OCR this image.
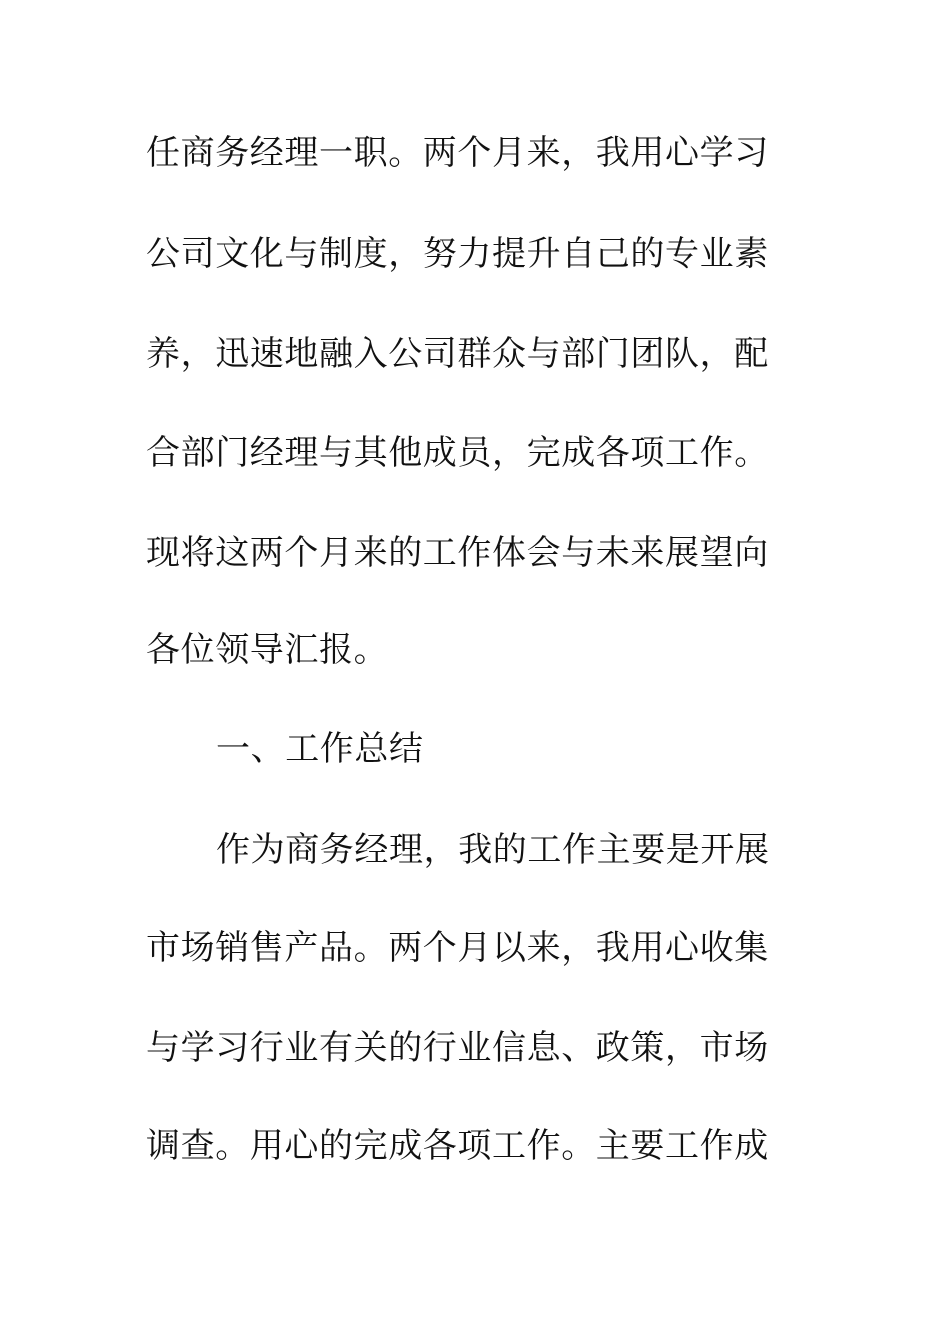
任商务经理一职。两个月来，我用心学习
公司文化与制度，努力提升自己的专业素
养，迅速地融入公司群众与部门团队，配
合部门经理与其他成员，完成各项工作。
现将这两个月来的工作体会与未来展望向
各位领导汇报。
一、工作总结
作为商务经理，我的工作主要是开展
市场销售产品。两个月以来，我用心收集
与学习行业有关的行业信息、政策，市场
调查。用心的完成各项工作。主要工作成
